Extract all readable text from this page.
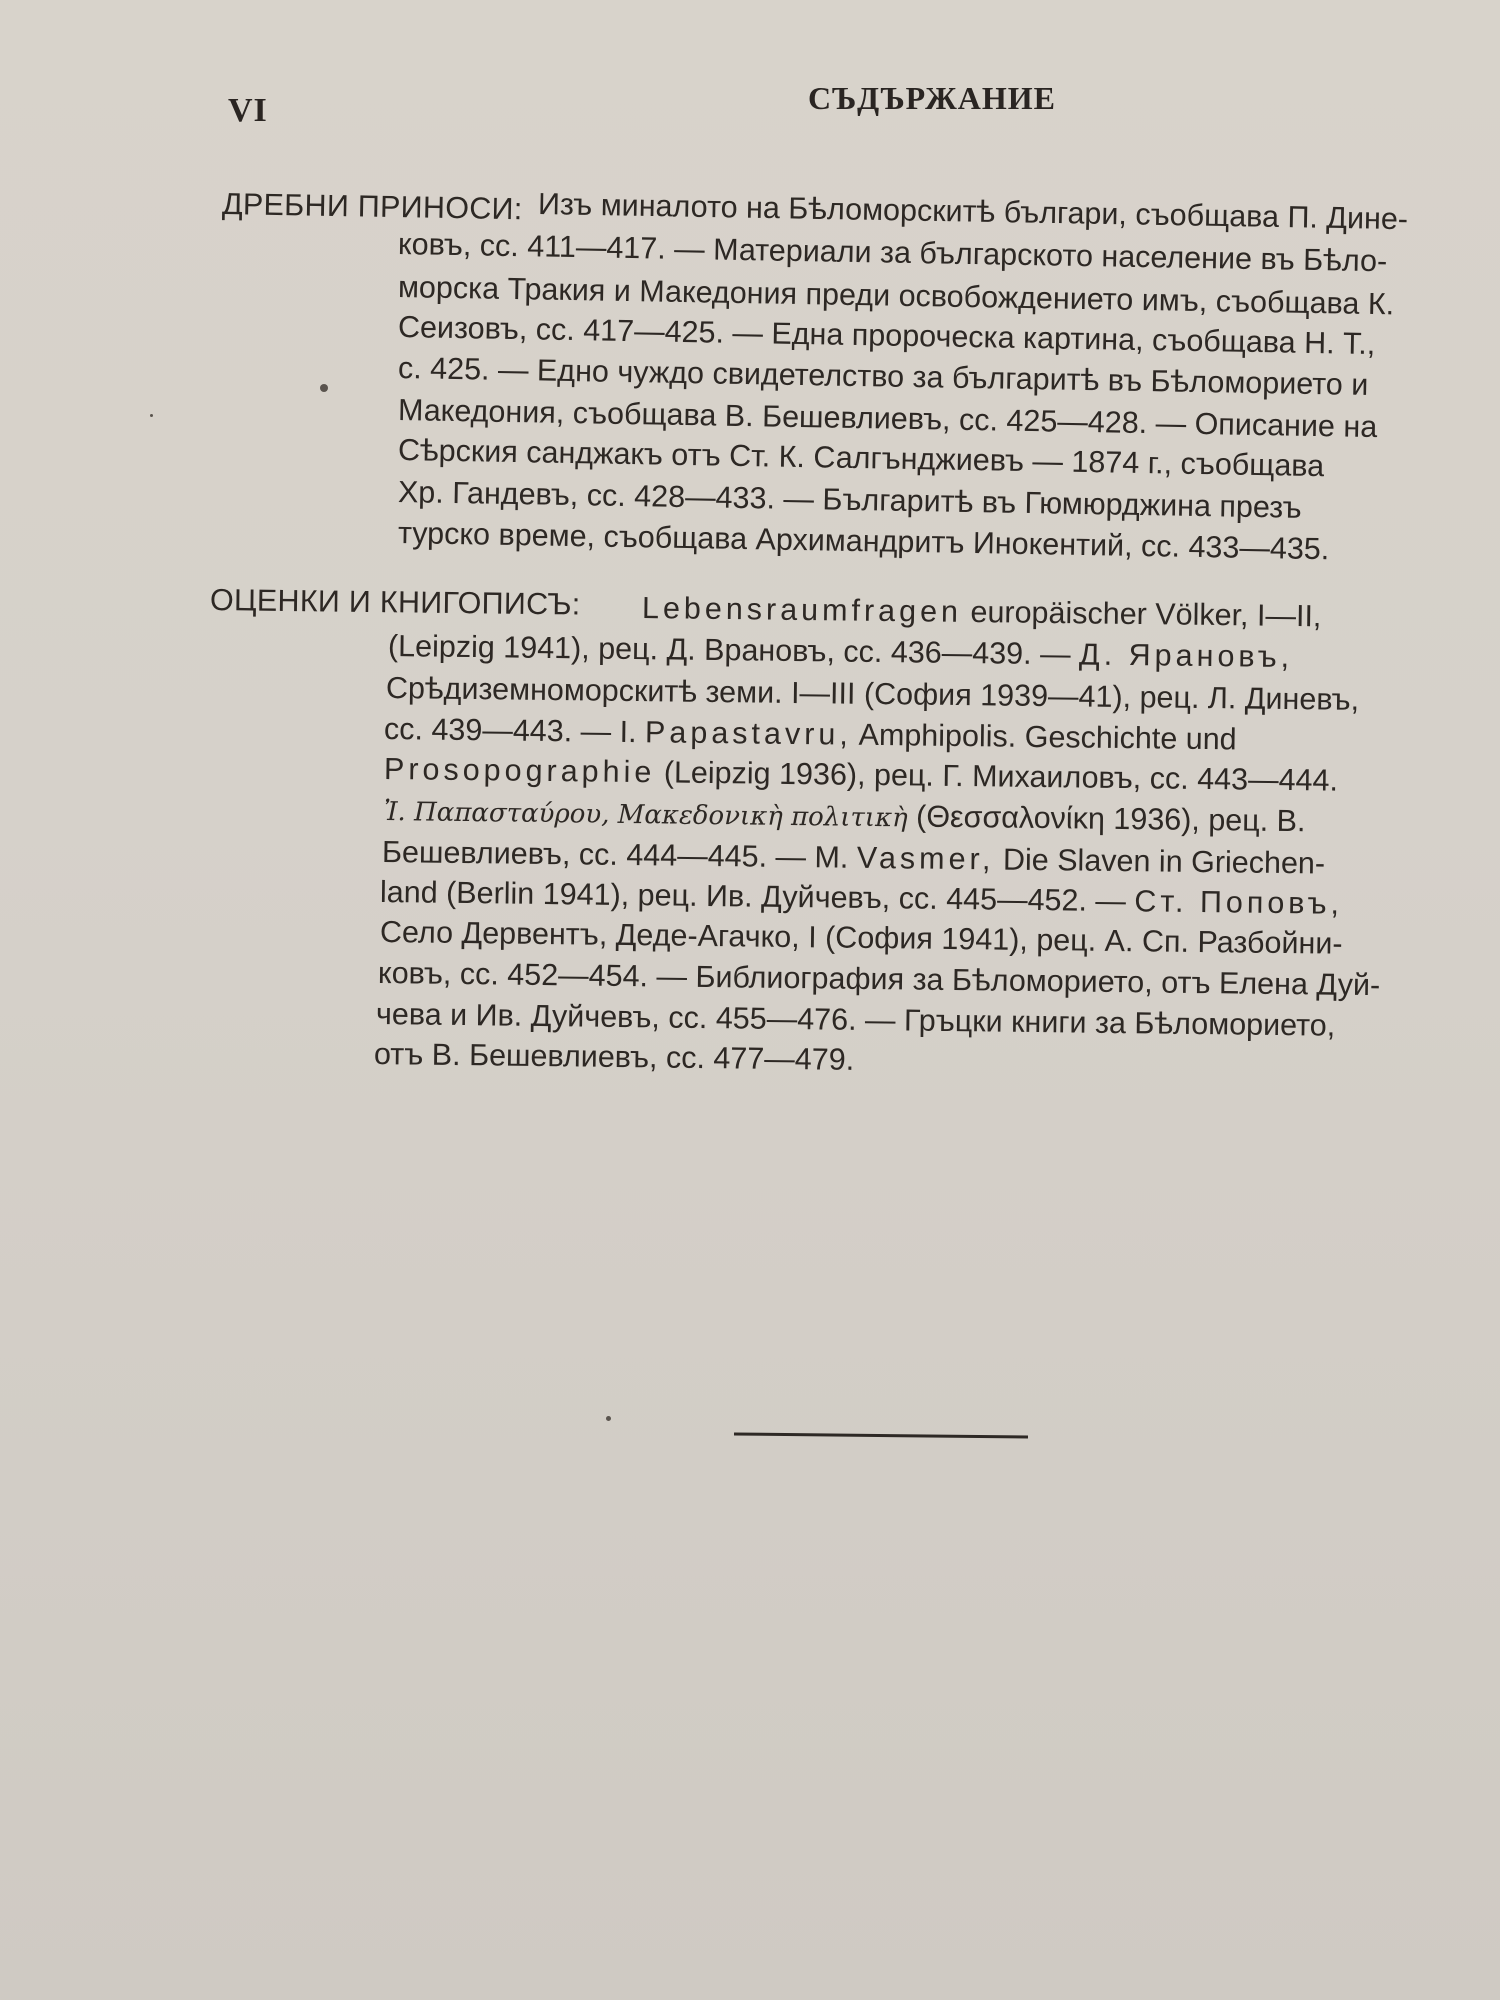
VI	СЪДЪРЖАНИЕ
ДРЕБНИ ПРИНОСИ: Изъ миналото на Бѣломорскитѣ българи, съобщава П. Дине-
ковъ, сс. 411—417. — Материали за българското население въ Бѣло-
морска Тракия и Македония преди освобождението имъ, съобщава К.
Сеизовъ, сс. 417—425. — Една пророческа картина, съобщава Н. Т.,
с. 425. — Едно чуждо свидетелство за българитѣ въ Бѣломорието и
Македония, съобщава В. Бешевлиевъ, сс. 425—428. — Описание на
Сѣрския санджакъ отъ Ст. К. Салгънджиевъ — 1874 г., съобщава
Хр. Гандевъ, сс. 428—433. — Българитѣ въ Гюмюрджина презъ
турско време, съобщава Архимандритъ Инокентий, сс. 433—435.
ОЦЕНКИ И КНИГОПИСЪ: Lebensraumfragen europäischer Völker, I—II,
(Leipzig 1941), рец. Д. Врановъ, сс. 436—439. — Д. Ярановъ,
Срѣдиземноморскитѣ земи. I—III (София 1939—41), рец. Л. Диневъ,
сс. 439—443. — I. Papastavru, Amphipolis. Geschichte und
Prosopographie (Leipzig 1936), рец. Г. Михаиловъ, сс. 443—444.
Ἰ. Παπασταύρου, Μακεδονικὴ πολιτικὴ (Θεσσαλονίκη 1936), рец. В.
Бешевлиевъ, сс. 444—445. — M. Vasmer, Die Slaven in Griechen-
land (Berlin 1941), рец. Ив. Дуйчевъ, сс. 445—452. — Ст. Поповъ,
Село Дервентъ, Деде-Агачко, I (София 1941), рец. А. Сп. Разбойни-
ковъ, сс. 452—454. — Библиография за Бѣломорието, отъ Елена Дуй-
чева и Ив. Дуйчевъ, сс. 455—476. — Гръцки книги за Бѣломорието,
отъ В. Бешевлиевъ, сс. 477—479.
